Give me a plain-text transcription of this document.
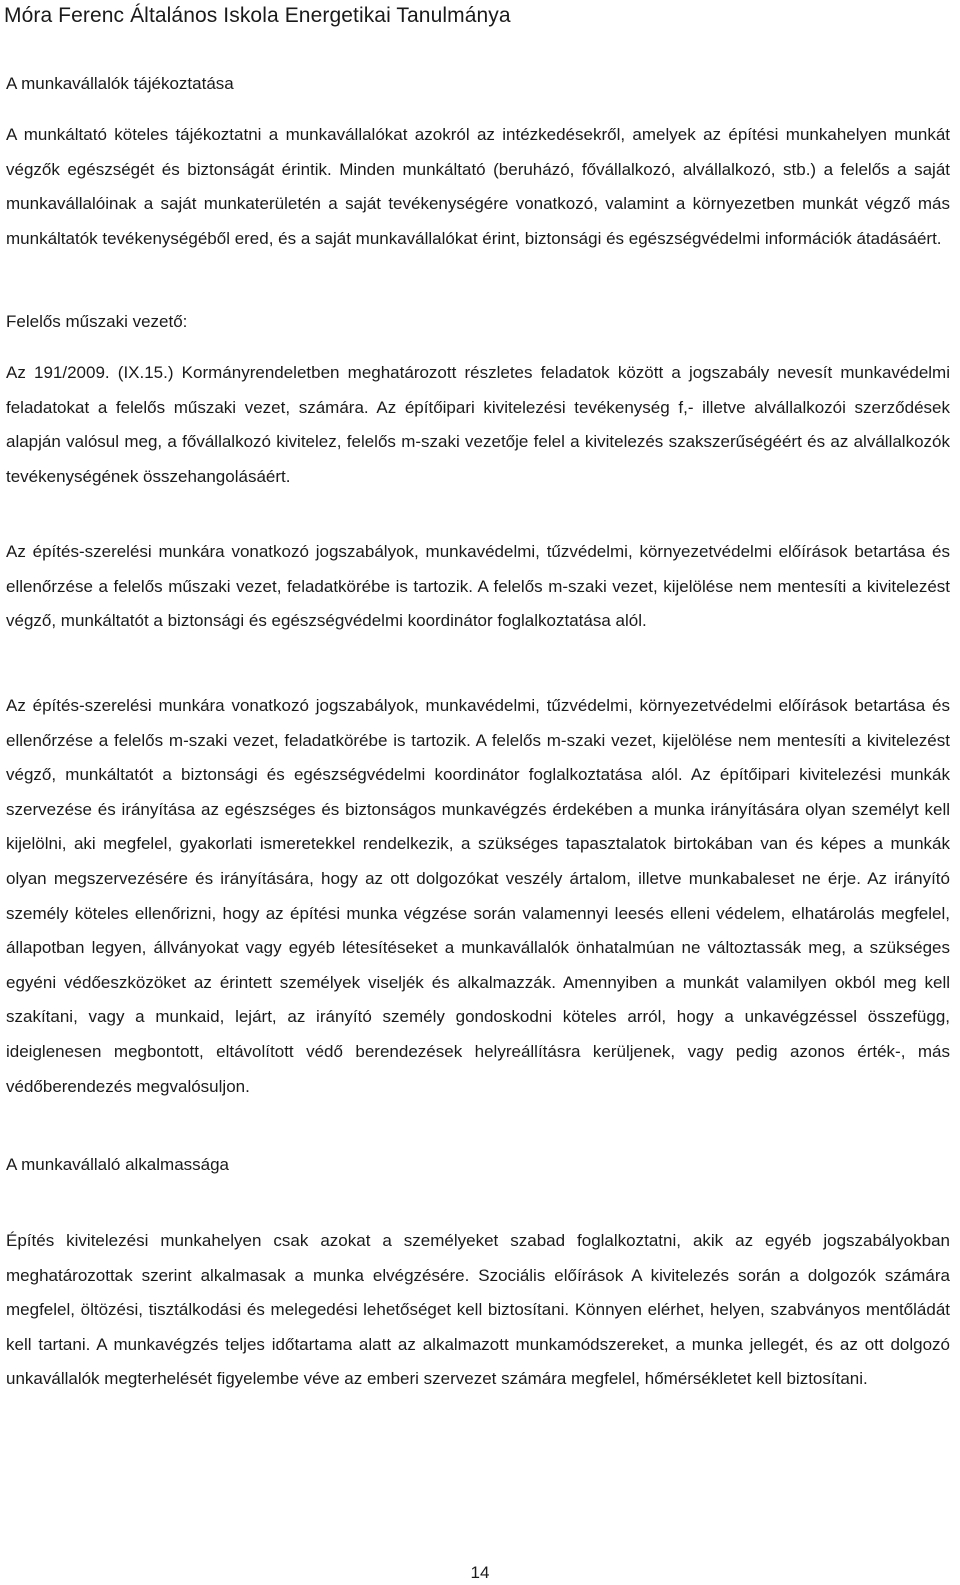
Móra Ferenc Általános Iskola Energetikai Tanulmánya
A munkavállalók tájékoztatása

A munkáltató köteles tájékoztatni a munkavállalókat azokról az intézkedésekről, amelyek az építési munkahelyen munkát végzők egészségét és biztonságát érintik. Minden munkáltató (beruházó, fővállalkozó, alvállalkozó, stb.) a felelős a saját munkavállalóinak a saját munkaterületén a saját tevékenységére vonatkozó, valamint a környezetben munkát végző más munkáltatók tevékenységéből ered, és a saját munkavállalókat érint, biztonsági és egészségvédelmi információk átadásáért.

Felelős műszaki vezető:

Az 191/2009. (IX.15.) Kormányrendeletben meghatározott részletes feladatok között a jogszabály nevesít munkavédelmi feladatokat a felelős műszaki vezet, számára. Az építőipari kivitelezési tevékenység f,- illetve alvállalkozói szerződések alapján valósul meg, a fővállalkozó kivitelez, felelős m-szaki vezetője felel a kivitelezés szakszerűségéért és az alvállalkozók tevékenységének összehangolásáért.

Az építés-szerelési munkára vonatkozó jogszabályok, munkavédelmi, tűzvédelmi, környezetvédelmi előírások betartása és ellenőrzése a felelős műszaki vezet, feladatkörébe is tartozik. A felelős m-szaki vezet, kijelölése nem mentesíti a kivitelezést végző, munkáltatót a biztonsági és egészségvédelmi koordinátor foglalkoztatása alól.

Az építés-szerelési munkára vonatkozó jogszabályok, munkavédelmi, tűzvédelmi, környezetvédelmi előírások betartása és ellenőrzése a felelős m-szaki vezet, feladatkörébe is tartozik. A felelős m-szaki vezet, kijelölése nem mentesíti a kivitelezést végző, munkáltatót a biztonsági és egészségvédelmi koordinátor foglalkoztatása alól. Az építőipari kivitelezési munkák szervezése és irányítása az egészséges és biztonságos munkavégzés érdekében a munka irányítására olyan személyt kell kijelölni, aki megfelel, gyakorlati ismeretekkel rendelkezik, a szükséges tapasztalatok birtokában van és képes a munkák olyan megszervezésére és irányítására, hogy az ott dolgozókat veszély ártalom, illetve munkabaleset ne érje. Az irányító személy köteles ellenőrizni, hogy az építési munka végzése során valamennyi leesés elleni védelem, elhatárolás megfelel, állapotban legyen, állványokat vagy egyéb létesítéseket a munkavállalók önhatalmúan ne változtassák meg, a szükséges egyéni védőeszközöket az érintett személyek viseljék és alkalmazzák. Amennyiben a munkát valamilyen okból meg kell szakítani, vagy a munkaid, lejárt, az irányító személy gondoskodni köteles arról, hogy a unkavégzéssel összefügg, ideiglenesen megbontott, eltávolított védő berendezések helyreállításra kerüljenek, vagy pedig azonos érték-, más védőberendezés megvalósuljon.

A munkavállaló alkalmassága

Építés kivitelezési munkahelyen csak azokat a személyeket szabad foglalkoztatni, akik az egyéb jogszabályokban meghatározottak szerint alkalmasak a munka elvégzésére. Szociális előírások A kivitelezés során a dolgozók számára megfelel, öltözési, tisztálkodási és melegedési lehetőséget kell biztosítani. Könnyen elérhet, helyen, szabványos mentőládát kell tartani. A munkavégzés teljes időtartama alatt az alkalmazott munkamódszereket, a munka jellegét, és az ott dolgozó unkavállalók megterhelését figyelembe véve az emberi szervezet számára megfelel, hőmérsékletet kell biztosítani.

14
